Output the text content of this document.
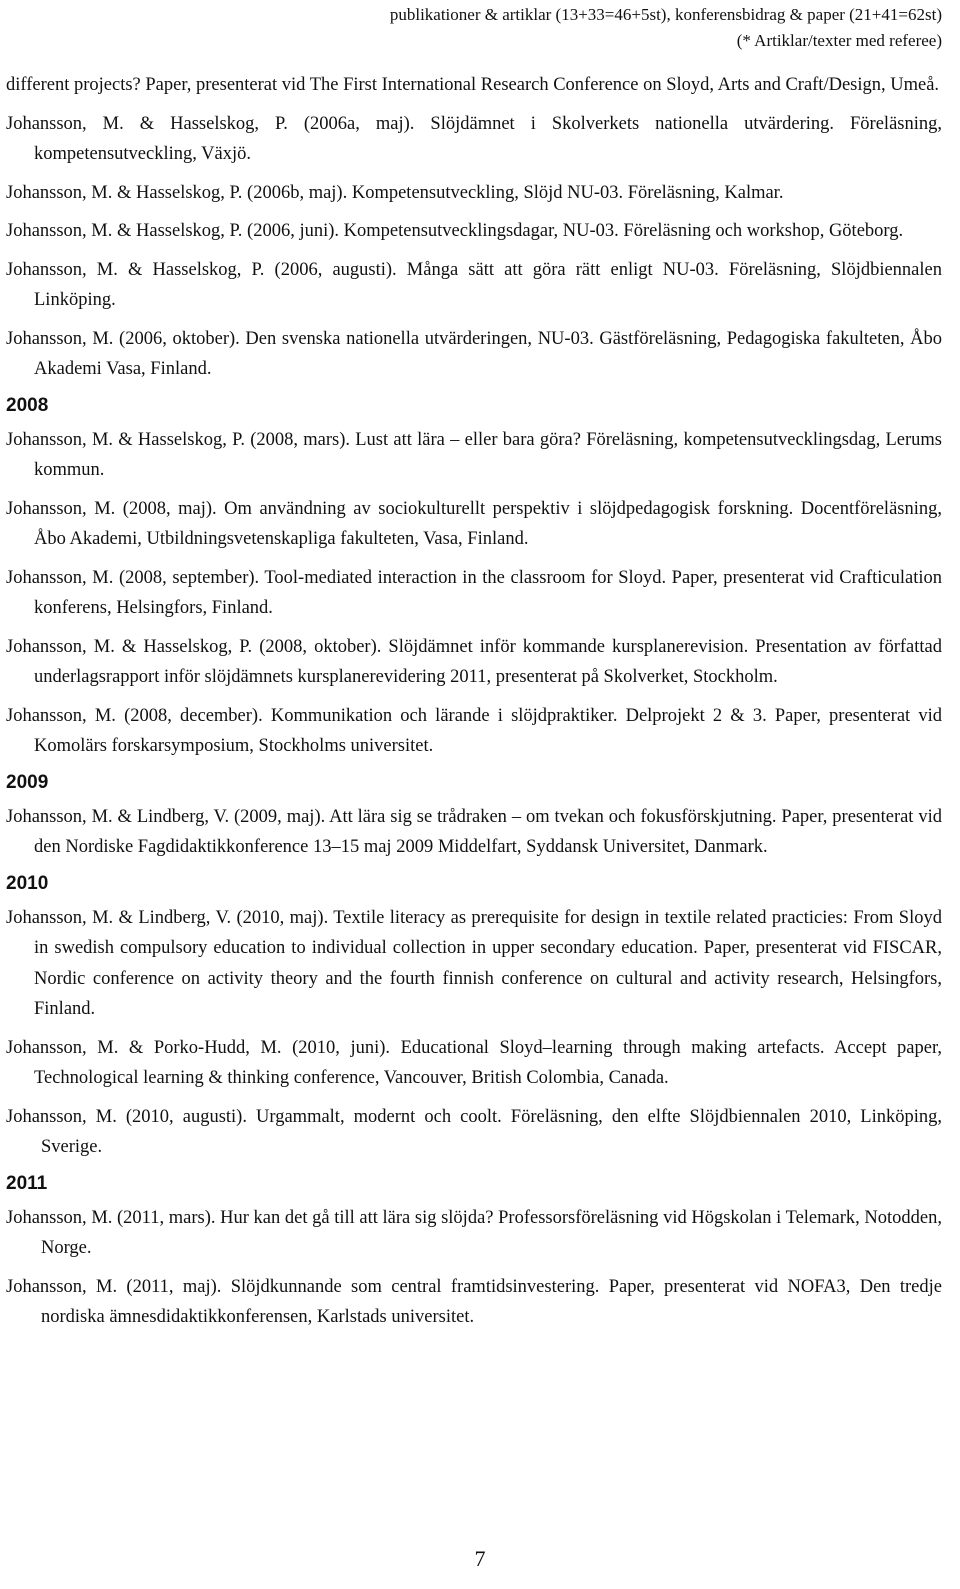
publikationer & artiklar (13+33=46+5st), konferensbidrag & paper (21+41=62st)
(* Artiklar/texter med referee)
different projects? Paper, presenterat vid The First International Research Conference on Sloyd, Arts and Craft/Design, Umeå.
Johansson, M. & Hasselskog, P. (2006a, maj). Slöjdämnet i Skolverkets nationella utvärdering. Föreläsning, kompetensutveckling, Växjö.
Johansson, M. & Hasselskog, P. (2006b, maj). Kompetensutveckling, Slöjd NU-03. Föreläsning, Kalmar.
Johansson, M. & Hasselskog, P. (2006, juni). Kompetensutvecklingsdagar, NU-03. Föreläsning och workshop, Göteborg.
Johansson, M. & Hasselskog, P. (2006, augusti). Många sätt att göra rätt enligt NU-03. Föreläsning, Slöjdbiennalen Linköping.
Johansson, M. (2006, oktober). Den svenska nationella utvärderingen, NU-03. Gästföreläsning, Pedagogiska fakulteten, Åbo Akademi Vasa, Finland.
2008
Johansson, M. & Hasselskog, P. (2008, mars). Lust att lära – eller bara göra? Föreläsning, kompetensutvecklingsdag, Lerums kommun.
Johansson, M. (2008, maj). Om användning av sociokulturellt perspektiv i slöjdpedagogisk forskning. Docentföreläsning, Åbo Akademi, Utbildningsvetenskapliga fakulteten, Vasa, Finland.
Johansson, M. (2008, september). Tool-mediated interaction in the classroom for Sloyd. Paper, presenterat vid Crafticulation konferens, Helsingfors, Finland.
Johansson, M. & Hasselskog, P. (2008, oktober). Slöjdämnet inför kommande kursplanerevision. Presentation av författad underlagsrapport inför slöjdämnets kursplanerevidering 2011, presenterat på Skolverket, Stockholm.
Johansson, M. (2008, december). Kommunikation och lärande i slöjdpraktiker. Delprojekt 2 & 3. Paper, presenterat vid Komolärs forskarsymposium, Stockholms universitet.
2009
Johansson, M. & Lindberg, V. (2009, maj). Att lära sig se trådraken – om tvekan och fokusförskjutning. Paper, presenterat vid den Nordiske Fagdidaktikkonference 13–15 maj 2009 Middelfart, Syddansk Universitet, Danmark.
2010
Johansson, M. & Lindberg, V. (2010, maj). Textile literacy as prerequisite for design in textile related practicies: From Sloyd in swedish compulsory education to individual collection in upper secondary education. Paper, presenterat vid FISCAR, Nordic conference on activity theory and the fourth finnish conference on cultural and activity research, Helsingfors, Finland.
Johansson, M. & Porko-Hudd, M. (2010, juni). Educational Sloyd–learning through making artefacts. Accept paper, Technological learning & thinking conference, Vancouver, British Colombia, Canada.
Johansson, M. (2010, augusti). Urgammalt, modernt och coolt. Föreläsning, den elfte Slöjdbiennalen 2010, Linköping, Sverige.
2011
Johansson, M. (2011, mars). Hur kan det gå till att lära sig slöjda? Professorsföreläsning vid Högskolan i Telemark, Notodden, Norge.
Johansson, M. (2011, maj). Slöjdkunnande som central framtidsinvestering. Paper, presenterat vid NOFA3, Den tredje nordiska ämnesdidaktikkonferensen, Karlstads universitet.
7
